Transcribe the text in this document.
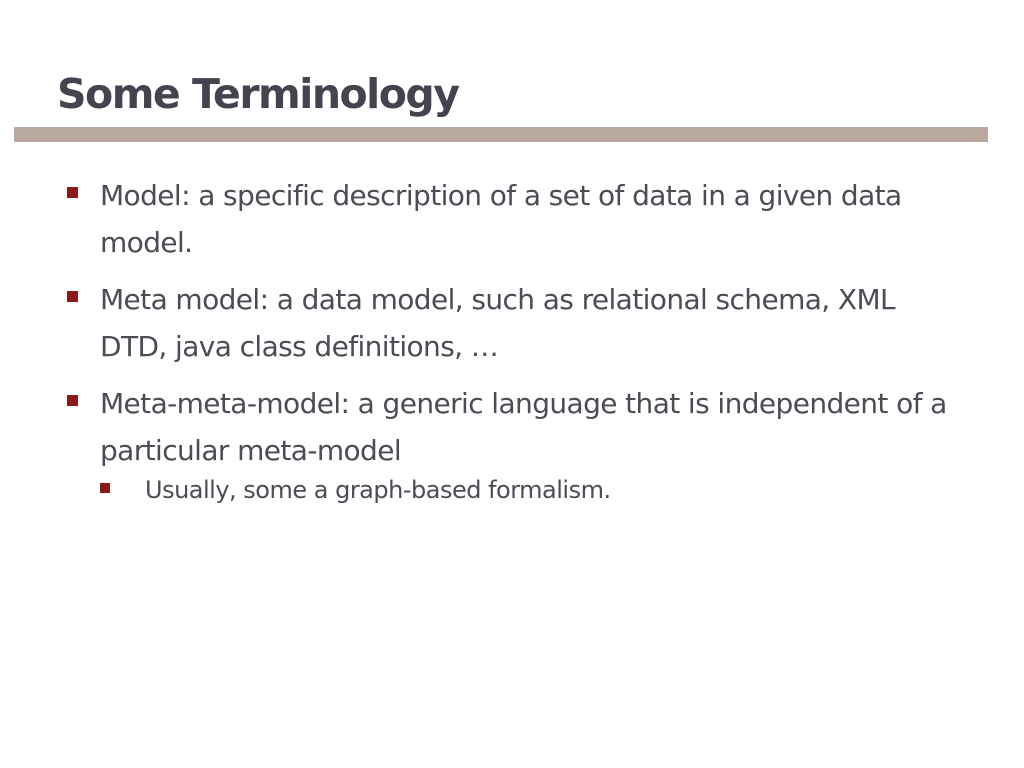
Some Terminology
Model: a specific description of a set of data in a given data model.
Meta model: a data model, such as relational schema, XML DTD, java class definitions, …
Meta-meta-model: a generic language that is independent of a particular meta-model
Usually, some a graph-based formalism.
